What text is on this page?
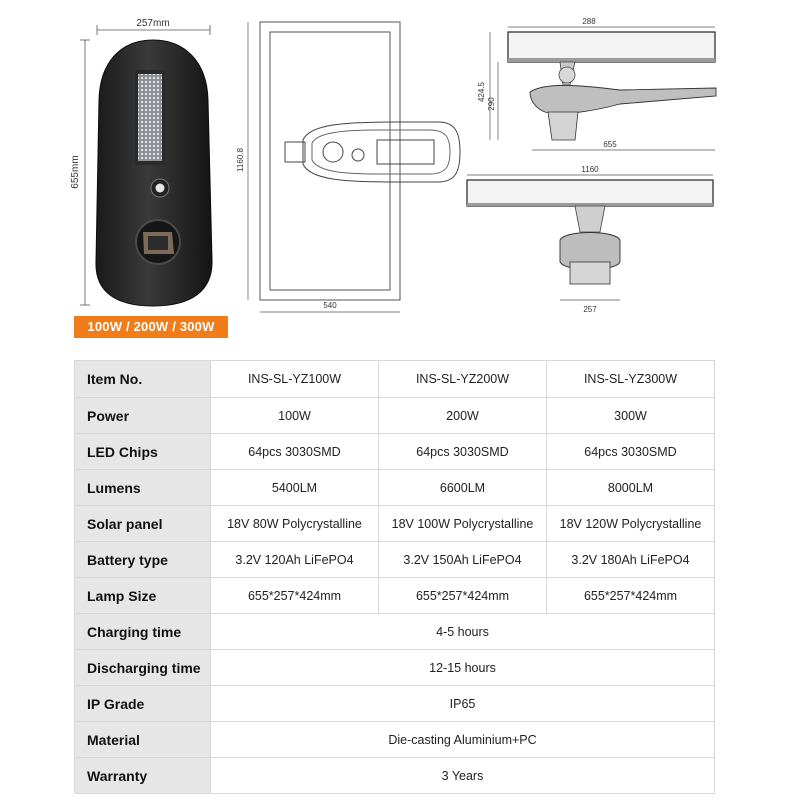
257mm
655mm	1160.8
540
288
424.5
290
655
1160
257
100W / 200W / 300W
Item No.	INS-SL-YZ100W	INS-SL-YZ200W	INS-SL-YZ300W
Power	100W	200W	300W
LED Chips	64pcs 3030SMD	64pcs 3030SMD	64pcs 3030SMD
Lumens	5400LM	6600LM	8000LM
Solar panel	18V 80W Polycrystalline	18V 100W Polycrystalline	18V 120W Polycrystalline
Battery type	3.2V 120Ah LiFePO4	3.2V 150Ah LiFePO4	3.2V 180Ah LiFePO4
Lamp Size	655*257*424mm	655*257*424mm	655*257*424mm
Charging time	4-5 hours		
Discharging time	12-15 hours		
IP Grade	IP65		
Material	Die-casting Aluminium+PC		
Warranty	3 Years		
